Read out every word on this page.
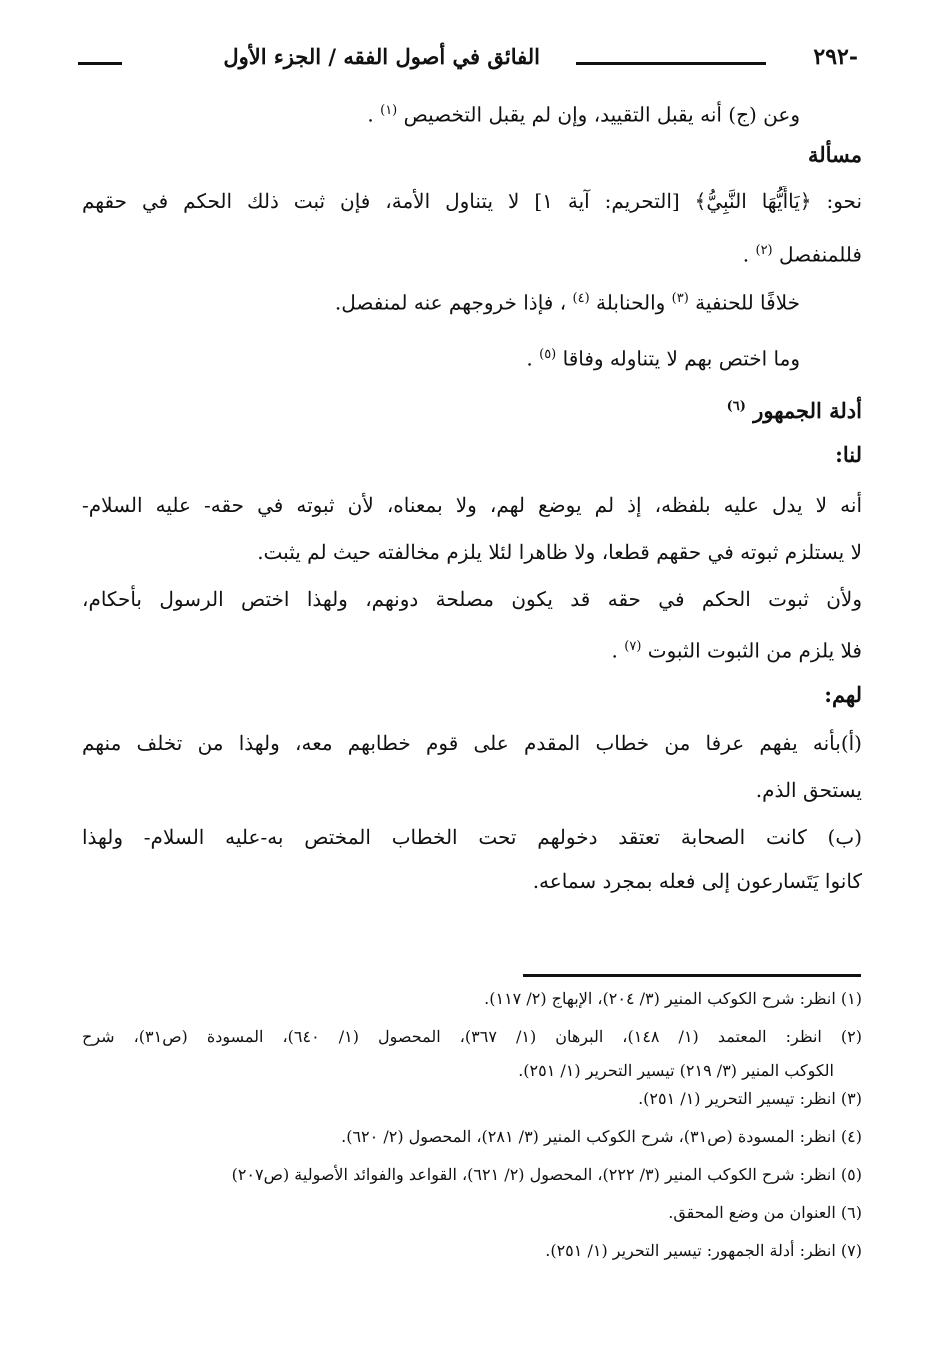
-٢٩٢
الفائق في أصول الفقه / الجزء الأول
وعن (ج) أنه يقبل التقييد، وإن لم يقبل التخصيص $^{(١)}$ .
مسألة
نحو: ﴿يَاأَيُّهَا النَّبِيُّ﴾ [التحريم: آية ١] لا يتناول الأمة، فإن ثبت ذلك الحكم في حقهم
فللمنفصل $^{(٢)}$ .
خلافًا للحنفية $^{(٣)}$ والحنابلة $^{(٤)}$ ، فإذا خروجهم عنه لمنفصل.
وما اختص بهم لا يتناوله وفاقا $^{(٥)}$ .
أدلة الجمهور $^{(٦)}$
لنا:
أنه لا يدل عليه بلفظه، إذ لم يوضع لهم، ولا بمعناه، لأن ثبوته في حقه- عليه السلام-
لا يستلزم ثبوته في حقهم قطعا، ولا ظاهرا لئلا يلزم مخالفته حيث لم يثبت.
ولأن ثبوت الحكم في حقه قد يكون مصلحة دونهم، ولهذا اختص الرسول بأحكام،
فلا يلزم من الثبوت الثبوت $^{(٧)}$ .
لهم:
(أ)بأنه يفهم عرفا من خطاب المقدم على قوم خطابهم معه، ولهذا من تخلف منهم
يستحق الذم.
(ب) كانت الصحابة تعتقد دخولهم تحت الخطاب المختص به-عليه السلام- ولهذا
كانوا يَتَسارعون إلى فعله بمجرد سماعه.
(١) انظر: شرح الكوكب المنير (٣/ ٢٠٤)، الإبهاج (٢/ ١١٧).
(٢) انظر: المعتمد (١/ ١٤٨)، البرهان (١/ ٣٦٧)، المحصول (١/ ٦٤٠)، المسودة (ص٣١)، شرح
الكوكب المنير (٣/ ٢١٩) تيسير التحرير (١/ ٢٥١).
(٣) انظر: تيسير التحرير (١/ ٢٥١).
(٤) انظر: المسودة (ص٣١)، شرح الكوكب المنير (٣/ ٢٨١)، المحصول (٢/ ٦٢٠).
(٥) انظر: شرح الكوكب المنير (٣/ ٢٢٢)، المحصول (٢/ ٦٢١)، القواعد والفوائد الأصولية (ص٢٠٧)
(٦) العنوان من وضع المحقق.
(٧) انظر: أدلة الجمهور: تيسير التحرير (١/ ٢٥١).
